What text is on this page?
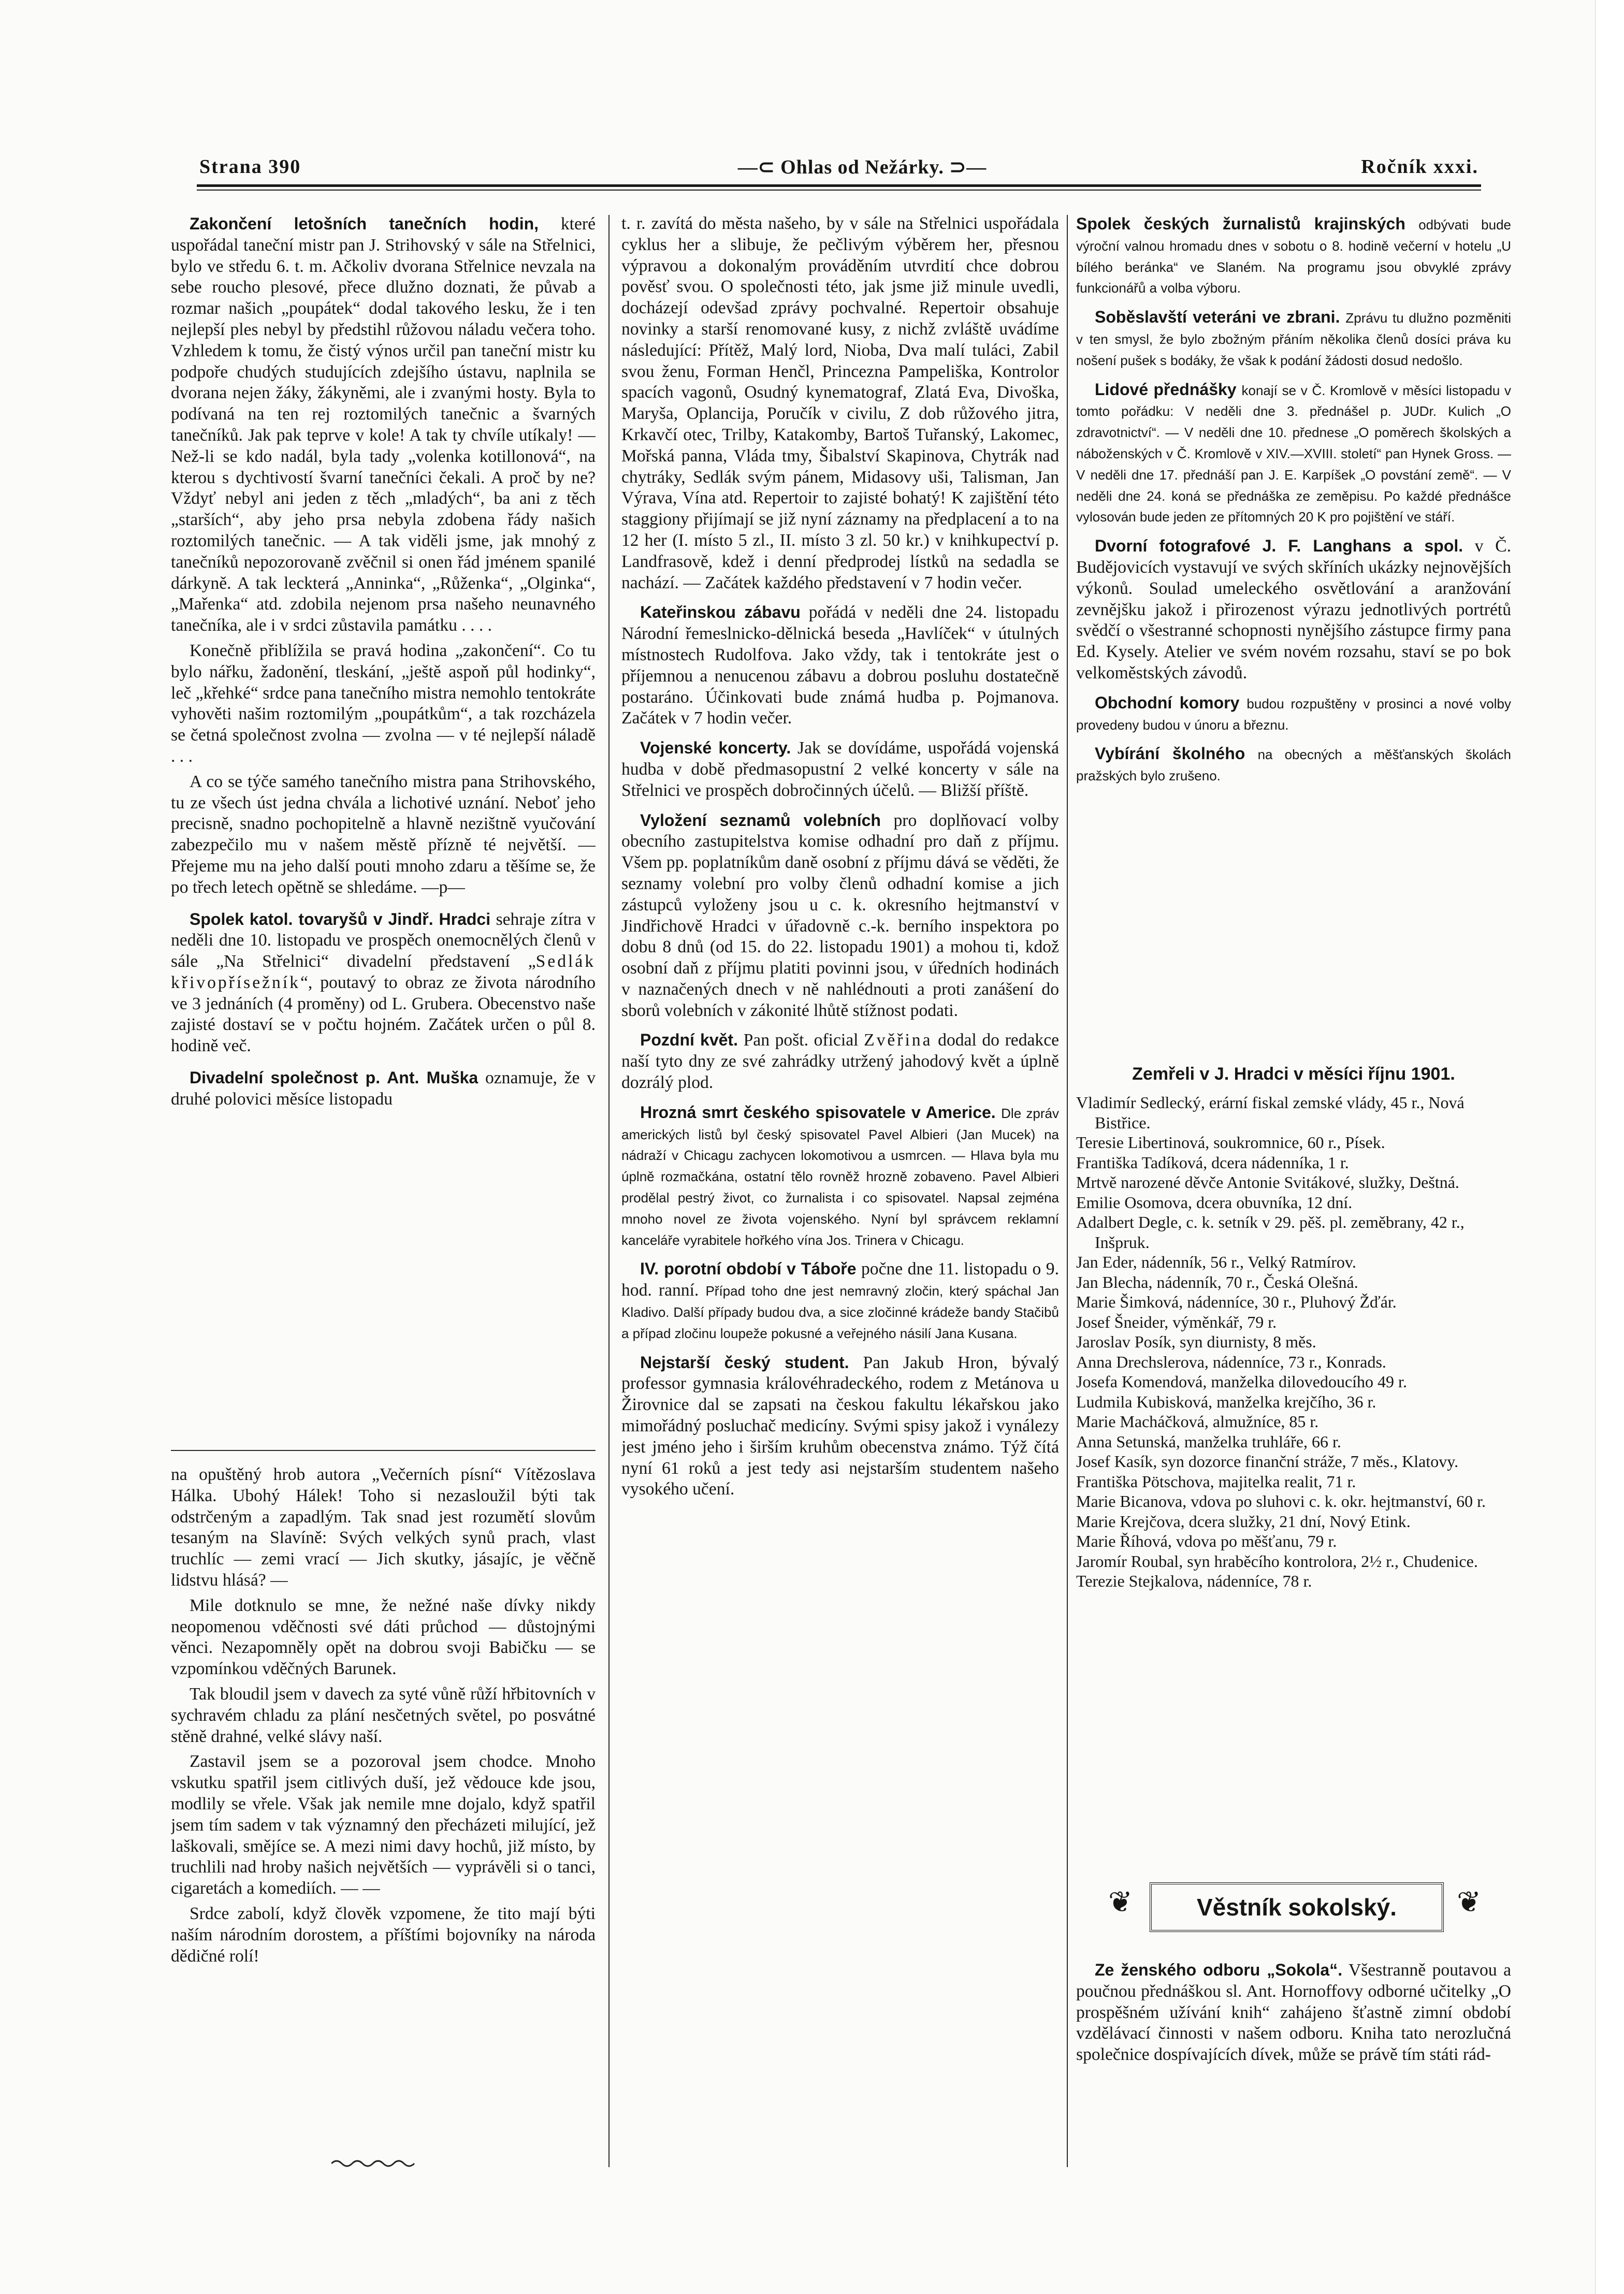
Strana 390	—⊂ Ohlas od Nežárky. ⊃—	Ročník xxxi.

Zakončení letošních tanečních hodin, které uspořádal taneční mistr pan J. Strihovský v sále na Střelnici, bylo ve středu 6. t. m. Ačkoliv dvorana Střelnice nevzala na sebe roucho plesové, přece dlužno doznati, že půvab a rozmar našich „poupátek“ dodal takového lesku, že i ten nejlepší ples nebyl by předstihl růžovou náladu večera toho. Vzhledem k tomu, že čistý výnos určil pan taneční mistr ku podpoře chudých studujících zdejšího ústavu, naplnila se dvorana nejen žáky, žákyněmi, ale i zvanými hosty. Byla to podívaná na ten rej roztomilých tanečnic a švarných tanečníků. Jak pak teprve v kole! A tak ty chvíle utíkaly! — Než-li se kdo nadál, byla tady „volenka kotillonová“, na kterou s dychtivostí švarní tanečníci čekali. A proč by ne? Vždyť nebyl ani jeden z těch „mladých“, ba ani z těch „starších“, aby jeho prsa nebyla zdobena řády našich roztomilých tanečnic. — A tak viděli jsme, jak mnohý z tanečníků nepozorovaně zvěčnil si onen řád jménem spanilé dárkyně. A tak leckterá „Anninka“, „Růženka“, „Olginka“, „Mařenka“ atd. zdobila nejenom prsa našeho neunavného tanečníka, ale i v srdci zůstavila památku . . . .

Konečně přiblížila se pravá hodina „zakončení“. Co tu bylo nářku, žadonění, tleskání, „ještě aspoň půl hodinky“, leč „křehké“ srdce pana tanečního mistra nemohlo tentokráte vyhověti našim roztomilým „poupátkům“, a tak rozcházela se četná společnost zvolna — zvolna — v té nejlepší náladě . . .

A co se týče samého tanečního mistra pana Strihovského, tu ze všech úst jedna chvála a lichotivé uznání. Neboť jeho precisně, snadno pochopitelně a hlavně nezištně vyučování zabezpečilo mu v našem městě přízně té největší. — Přejeme mu na jeho další pouti mnoho zdaru a těšíme se, že po třech letech opětně se shledáme. —p—

Spolek katol. tovaryšů v Jindř. Hradci sehraje zítra v neděli dne 10. listopadu ve prospěch onemocnělých členů v sále „Na Střelnici“ divadelní představení „Sedlák křivopřísežník“, poutavý to obraz ze života národního ve 3 jednáních (4 proměny) od L. Grubera. Obecenstvo naše zajisté dostaví se v počtu hojném. Začátek určen o půl 8. hodině več.

Divadelní společnost p. Ant. Muška oznamuje, že v druhé polovici měsíce listopadu

na opuštěný hrob autora „Večerních písní“ Vítězoslava Hálka. Ubohý Hálek! Toho si nezasloužil býti tak odstrčeným a zapadlým. Tak snad jest rozumětí slovům tesaným na Slavíně: Svých velkých synů prach, vlast truchlíc — zemi vrací — Jich skutky, jásajíc, je věčně lidstvu hlásá? —

Mile dotknulo se mne, že nežné naše dívky nikdy neopomenou vděčnosti své dáti průchod — důstojnými věnci. Nezapomněly opět na dobrou svoji Babičku — se vzpomínkou vděčných Barunek.

Tak bloudil jsem v davech za syté vůně růží hřbitovních v sychravém chladu za plání nesčetných světel, po posvátné stěně drahné, velké slávy naší.

Zastavil jsem se a pozoroval jsem chodce. Mnoho vskutku spatřil jsem citlivých duší, jež vědouce kde jsou, modlily se vřele. Však jak nemile mne dojalo, když spatřil jsem tím sadem v tak významný den přecházeti milující, jež laškovali, smějíce se. A mezi nimi davy hochů, již místo, by truchlili nad hroby našich největších — vyprávěli si o tanci, cigaretách a komediích. — —

Srdce zabolí, když člověk vzpomene, že tito mají býti naším národním dorostem, a příštími bojovníky na národa dědičné rolí!

t. r. zavítá do města našeho, by v sále na Střelnici uspořádala cyklus her a slibuje, že pečlivým výběrem her, přesnou výpravou a dokonalým prováděním utvrdití chce dobrou pověsť svou. O společnosti této, jak jsme již minule uvedli, docházejí odevšad zprávy pochvalné. Repertoir obsahuje novinky a starší renomované kusy, z nichž zvláště uvádíme následující: Přítěž, Malý lord, Nioba, Dva malí tuláci, Zabil svou ženu, Forman Henčl, Princezna Pampeliška, Kontrolor spacích vagonů, Osudný kynematograf, Zlatá Eva, Divoška, Maryša, Oplancija, Poručík v civilu, Z dob růžového jitra, Krkavčí otec, Trilby, Katakomby, Bartoš Tuřanský, Lakomec, Mořská panna, Vláda tmy, Šibalství Skapinova, Chytrák nad chytráky, Sedlák svým pánem, Midasovy uši, Talisman, Jan Výrava, Vína atd. Repertoir to zajisté bohatý! K zajištění této staggiony přijímají se již nyní záznamy na předplacení a to na 12 her (I. místo 5 zl., II. místo 3 zl. 50 kr.) v knihkupectví p. Landfrasově, kdež i denní předprodej lístků na sedadla se nachází. — Začátek každého představení v 7 hodin večer.

Kateřinskou zábavu pořádá v neděli dne 24. listopadu Národní řemeslnicko-dělnická beseda „Havlíček“ v útulných místnostech Rudolfova. Jako vždy, tak i tentokráte jest o příjemnou a nenucenou zábavu a dobrou posluhu dostatečně postaráno. Účinkovati bude známá hudba p. Pojmanova. Začátek v 7 hodin večer.

Vojenské koncerty. Jak se dovídáme, uspořádá vojenská hudba v době předmasopustní 2 velké koncerty v sále na Střelnici ve prospěch dobročinných účelů. — Bližší příště.

Vyložení seznamů volebních pro doplňovací volby obecního zastupitelstva komise odhadní pro daň z příjmu. Všem pp. poplatníkům daně osobní z příjmu dává se věděti, že seznamy volební pro volby členů odhadní komise a jich zástupců vyloženy jsou u c. k. okresního hejtmanství v Jindřichově Hradci v úřadovně c.-k. berního inspektora po dobu 8 dnů (od 15. do 22. listopadu 1901) a mohou ti, kdož osobní daň z příjmu platiti povinni jsou, v úředních hodinách v naznačených dnech v ně nahlédnouti a proti zanášení do sborů volebních v zákonité lhůtě stížnost podati.

Pozdní květ. Pan pošt. oficial Zvěřina dodal do redakce naší tyto dny ze své zahrádky utržený jahodový květ a úplně dozrálý plod.

Hrozná smrt českého spisovatele v Americe. Dle zpráv amerických listů byl český spisovatel Pavel Albieri (Jan Mucek) na nádraží v Chicagu zachycen lokomotivou a usmrcen. — Hlava byla mu úplně rozmačkána, ostatní tělo rovněž hrozně zobaveno. Pavel Albieri prodělal pestrý život, co žurnalista i co spisovatel. Napsal zejména mnoho novel ze života vojenského. Nyní byl správcem reklamní kanceláře vyrabitele hořkého vína Jos. Trinera v Chicagu.

IV. porotní období v Táboře počne dne 11. listopadu o 9. hod. ranní. Případ toho dne jest nemravný zločin, který spáchal Jan Kladivo. Další případy budou dva, a sice zločinné krádeže bandy Stačibů a případ zločinu loupeže pokusné a veřejného násilí Jana Kusana.

Nejstarší český student. Pan Jakub Hron, bývalý professor gymnasia královéhradeckého, rodem z Metánova u Žirovnice dal se zapsati na českou fakultu lékařskou jako mimořádný posluchač medicíny. Svými spisy jakož i vynálezy jest jméno jeho i širším kruhům obecenstva známo. Týž čítá nyní 61 roků a jest tedy asi nejstarším studentem našeho vysokého učení.

Spolek českých žurnalistů krajinských odbývati bude výroční valnou hromadu dnes v sobotu o 8. hodině večerní v hotelu „U bílého beránka“ ve Slaném. Na programu jsou obvyklé zprávy funkcionářů a volba výboru.

Soběslavští veteráni ve zbrani. Zprávu tu dlužno pozměniti v ten smysl, že bylo zbožným přáním několika členů dosíci práva ku nošení pušek s bodáky, že však k podání žádosti dosud nedošlo.

Lidové přednášky konají se v Č. Kromlově v měsíci listopadu v tomto pořádku: V neděli dne 3. přednášel p. JUDr. Kulich „O zdravotnictví“. — V neděli dne 10. přednese „O poměrech školských a náboženských v Č. Kromlově v XIV.—XVIII. století“ pan Hynek Gross. — V neděli dne 17. přednáší pan J. E. Karpíšek „O povstání země“. — V neděli dne 24. koná se přednáška ze zeměpisu. Po každé přednášce vylosován bude jeden ze přítomných 20 K pro pojištění ve stáří.

Dvorní fotografové J. F. Langhans a spol. v Č. Budějovicích vystavují ve svých skříních ukázky nejnovějších výkonů. Soulad umeleckého osvětlování a aranžování zevnějšku jakož i přirozenost výrazu jednotlivých portrétů svědčí o všestranné schopnosti nynějšího zástupce firmy pana Ed. Kysely. Atelier ve svém novém rozsahu, staví se po bok velkoměstských závodů.

Obchodní komory budou rozpuštěny v prosinci a nové volby provedeny budou v únoru a březnu.

Vybírání školného na obecných a měšťanských školách pražských bylo zrušeno.

Zemřeli v J. Hradci v měsíci říjnu 1901.
Vladimír Sedlecký, erární fiskal zemské vlády, 45 r., Nová Bistřice.
Teresie Libertinová, soukromnice, 60 r., Písek.
Františka Tadíková, dcera nádenníka, 1 r.
Mrtvě narozené děvče Antonie Svitákové, služky, Deštná.
Emilie Osomova, dcera obuvníka, 12 dní.
Adalbert Degle, c. k. setník v 29. pěš. pl. zeměbrany, 42 r., Inšpruk.
Jan Eder, nádenník, 56 r., Velký Ratmírov.
Jan Blecha, nádenník, 70 r., Česká Olešná.
Marie Šimková, nádenníce, 30 r., Pluhový Žďár.
Josef Šneider, výměnkář, 79 r.
Jaroslav Posík, syn diurnisty, 8 měs.
Anna Drechslerova, nádenníce, 73 r., Konrads.
Josefa Komendová, manželka dilovedoucího 49 r.
Ludmila Kubisková, manželka krejčího, 36 r.
Marie Macháčková, almužníce, 85 r.
Anna Setunská, manželka truhláře, 66 r.
Josef Kasík, syn dozorce finanční stráže, 7 měs., Klatovy.
Františka Pötschova, majitelka realit, 71 r.
Marie Bicanova, vdova po sluhovi c. k. okr. hejtmanství, 60 r.
Marie Krejčova, dcera služky, 21 dní, Nový Etink.
Marie Říhová, vdova po měšťanu, 79 r.
Jaromír Roubal, syn hraběcího kontrolora, 2½ r., Chudenice.
Terezie Stejkalova, nádenníce, 78 r.
❦	Věstník sokolský.	❦

Ze ženského odboru „Sokola“. Všestranně poutavou a poučnou přednáškou sl. Ant. Hornoffovy odborné učitelky „O prospěšném užívání knih“ zahájeno šťastně zimní období vzdělávací činnosti v našem odboru. Kniha tato nerozlučná společnice dospívajících dívek, může se právě tím státi rád-
